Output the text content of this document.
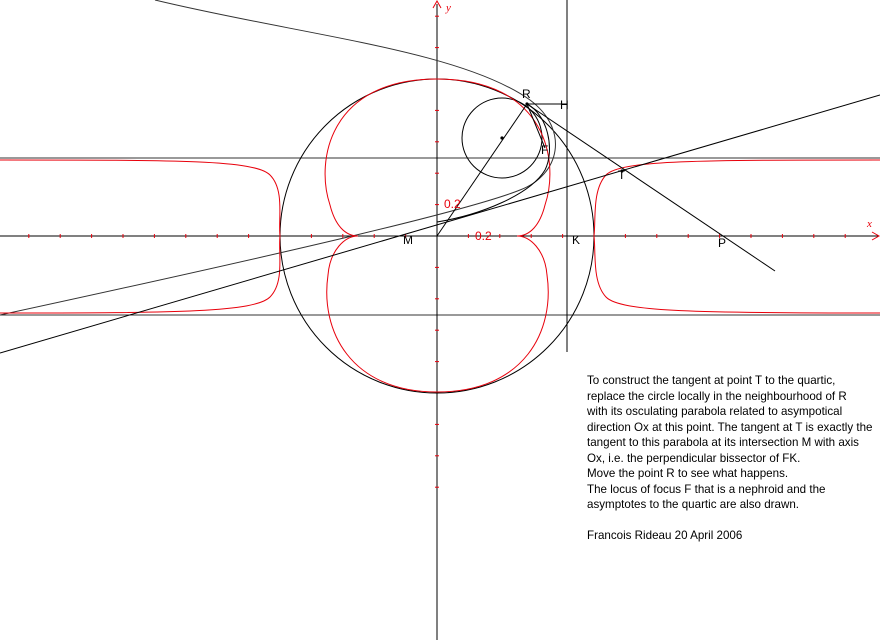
R
H
F
T
M	K	P
x
y
0.2
0.2
To construct the tangent at point T to the quartic,
replace the circle locally in the neighbourhood of R
with its osculating parabola related to asympotical
direction Ox at this point. The tangent at T is exactly the
tangent to this parabola at its intersection M with axis
Ox, i.e. the perpendicular bissector of FK.
Move the point R to see what happens.
The locus of focus F that is a nephroid and the
asymptotes to the quartic are also drawn.
Francois Rideau 20 April 2006
